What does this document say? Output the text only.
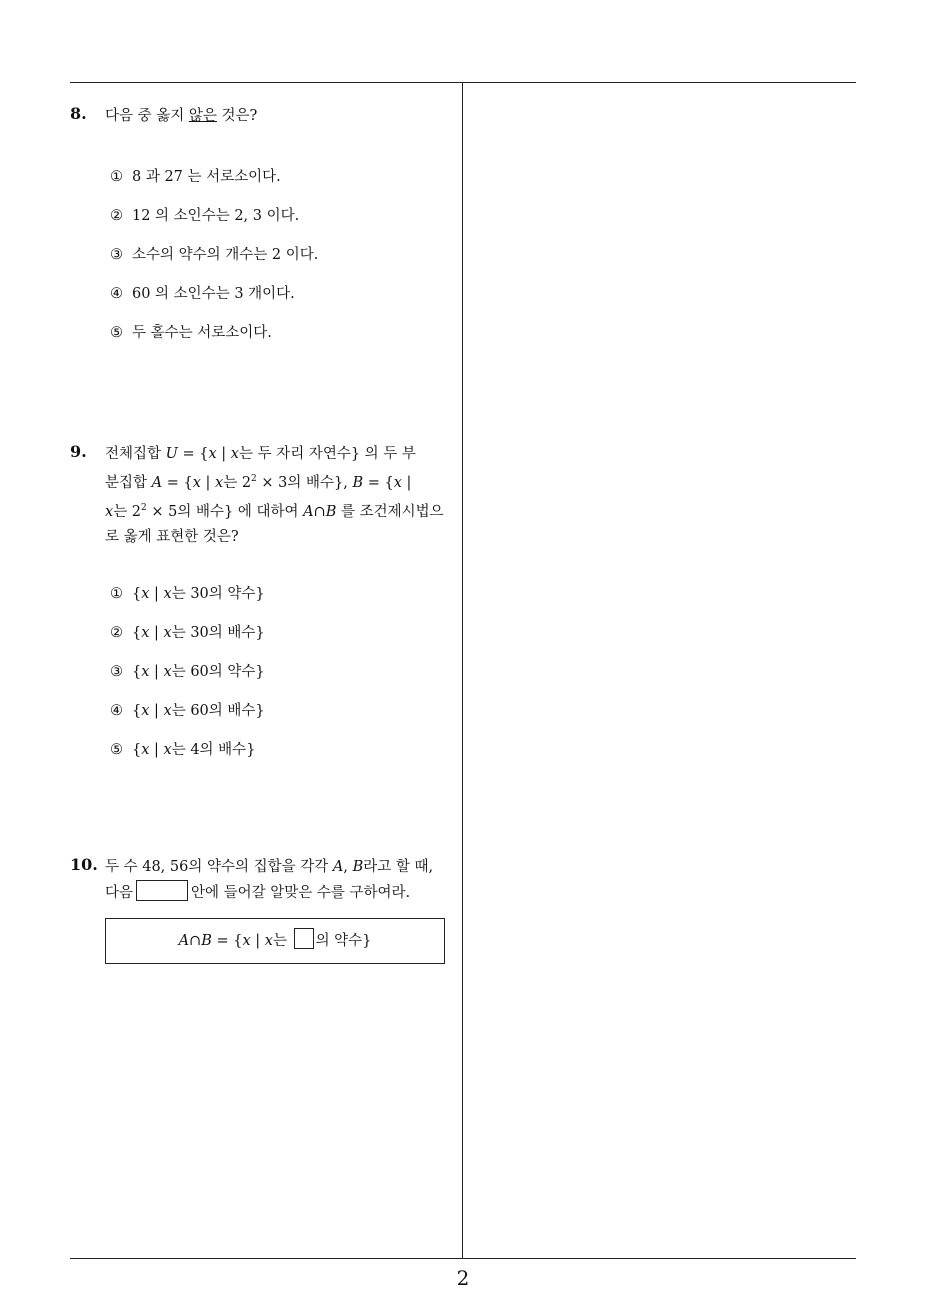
8. 다음 중 옳지 않은 것은?
① 8 과 27 는 서로소이다.
② 12 의 소인수는 2, 3 이다.
③ 소수의 약수의 개수는 2 이다.
④ 60 의 소인수는 3 개이다.
⑤ 두 홀수는 서로소이다.
9. 전체집합 U = {x | x는 두 자리 자연수} 의 두 부
분집합 A = {x | x는 $2^2 \times 3$의 배수}, B = {x |
x는 $2^2 \times 5$의 배수} 에 대하여 A∩B 를 조건제시법으
로 옳게 표현한 것은?
① {x | x는 30의 약수}
② {x | x는 30의 배수}
③ {x | x는 60의 약수}
④ {x | x는 60의 배수}
⑤ {x | x는 4의 배수}
10. 두 수 48, 56의 약수의 집합을 각각 A, B라고 할 때,
다음	안에 들어갈 알맞은 수를 구하여라.
A∩B = {x | x는 의 약수}
2
